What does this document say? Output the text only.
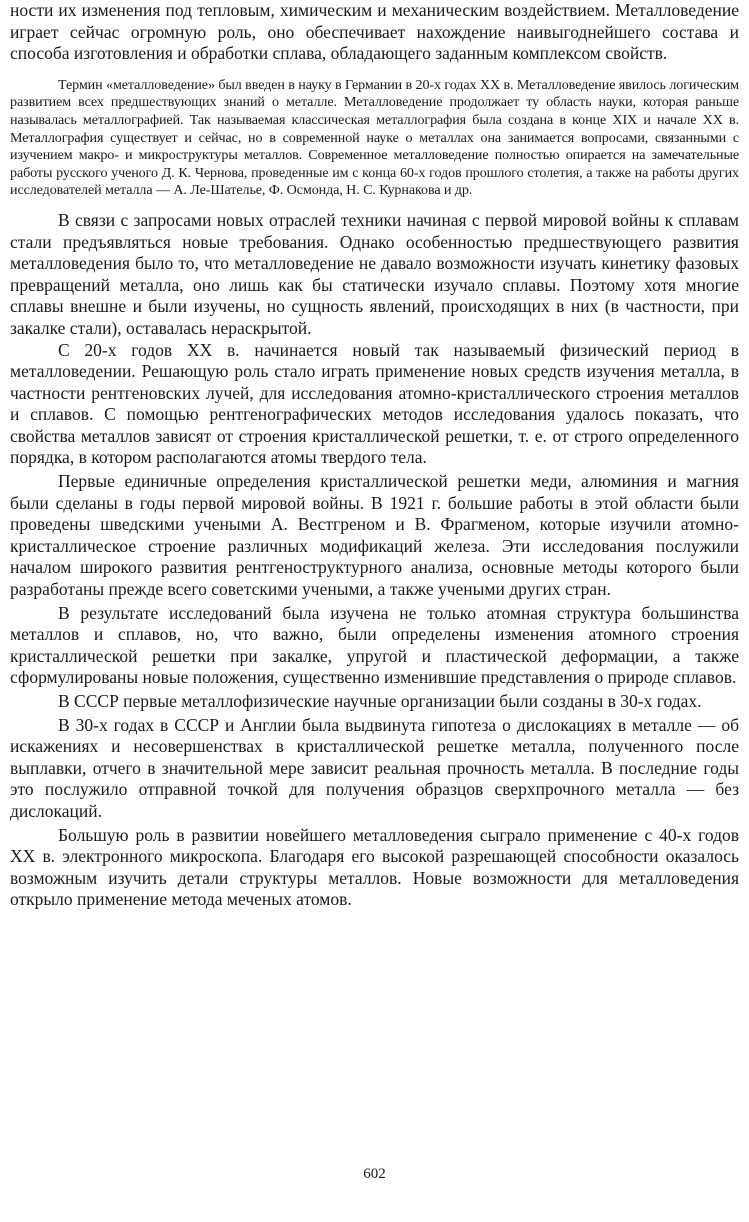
ности их изменения под тепловым, химическим и механическим воздействием. Металловедение играет сейчас огромную роль, оно обеспечивает нахождение наивыгоднейшего состава и способа изготовления и обработки сплава, обладающего заданным комплексом свойств.

Термин «металловедение» был введен в науку в Германии в 20-х годах XX в. Металловедение явилось логическим развитием всех предшествующих знаний о металле. Металловедение продолжает ту область науки, которая раньше называлась металлографией. Так называемая классическая металлография была создана в конце XIX и начале XX в. Металлография существует и сейчас, но в современной науке о металлах она занимается вопросами, связанными с изучением макро- и микроструктуры металлов. Современное металловедение полностью опирается на замечательные работы русского ученого Д. К. Чернова, проведенные им с конца 60-х годов прошлого столетия, а также на работы других исследователей металла — А. Ле-Шателье, Ф. Осмонда, Н. С. Курнакова и др.

В связи с запросами новых отраслей техники начиная с первой мировой войны к сплавам стали предъявляться новые требования. Однако особенностью предшествующего развития металловедения было то, что металловедение не давало возможности изучать кинетику фазовых превращений металла, оно лишь как бы статически изучало сплавы. Поэтому хотя многие сплавы внешне и были изучены, но сущность явлений, происходящих в них (в частности, при закалке стали), оставалась нераскрытой.

С 20-х годов XX в. начинается новый так называемый физический период в металловедении. Решающую роль стало играть применение новых средств изучения металла, в частности рентгеновских лучей, для исследования атомно-кристаллического строения металлов и сплавов. С помощью рентгенографических методов исследования удалось показать, что свойства металлов зависят от строения кристаллической решетки, т. е. от строго определенного порядка, в котором располагаются атомы твердого тела.

Первые единичные определения кристаллической решетки меди, алюминия и магния были сделаны в годы первой мировой войны. В 1921 г. большие работы в этой области были проведены шведскими учеными А. Вестгреном и В. Фрагменом, которые изучили атомно-кристаллическое строение различных модификаций железа. Эти исследования послужили началом широкого развития рентгеноструктурного анализа, основные методы которого были разработаны прежде всего советскими учеными, а также учеными других стран.

В результате исследований была изучена не только атомная структура большинства металлов и сплавов, но, что важно, были определены изменения атомного строения кристаллической решетки при закалке, упругой и пластической деформации, а также сформулированы новые положения, существенно изменившие представления о природе сплавов.

В СССР первые металлофизические научные организации были созданы в 30-х годах.

В 30-х годах в СССР и Англии была выдвинута гипотеза о дислокациях в металле — об искажениях и несовершенствах в кристаллической решетке металла, полученного после выплавки, отчего в значительной мере зависит реальная прочность металла. В последние годы это послужило отправной точкой для получения образцов сверхпрочного металла — без дислокаций.

Большую роль в развитии новейшего металловедения сыграло применение с 40-х годов XX в. электронного микроскопа. Благодаря его высокой разрешающей способности оказалось возможным изучить детали структуры металлов. Новые возможности для металловедения открыло применение метода меченых атомов.

602
